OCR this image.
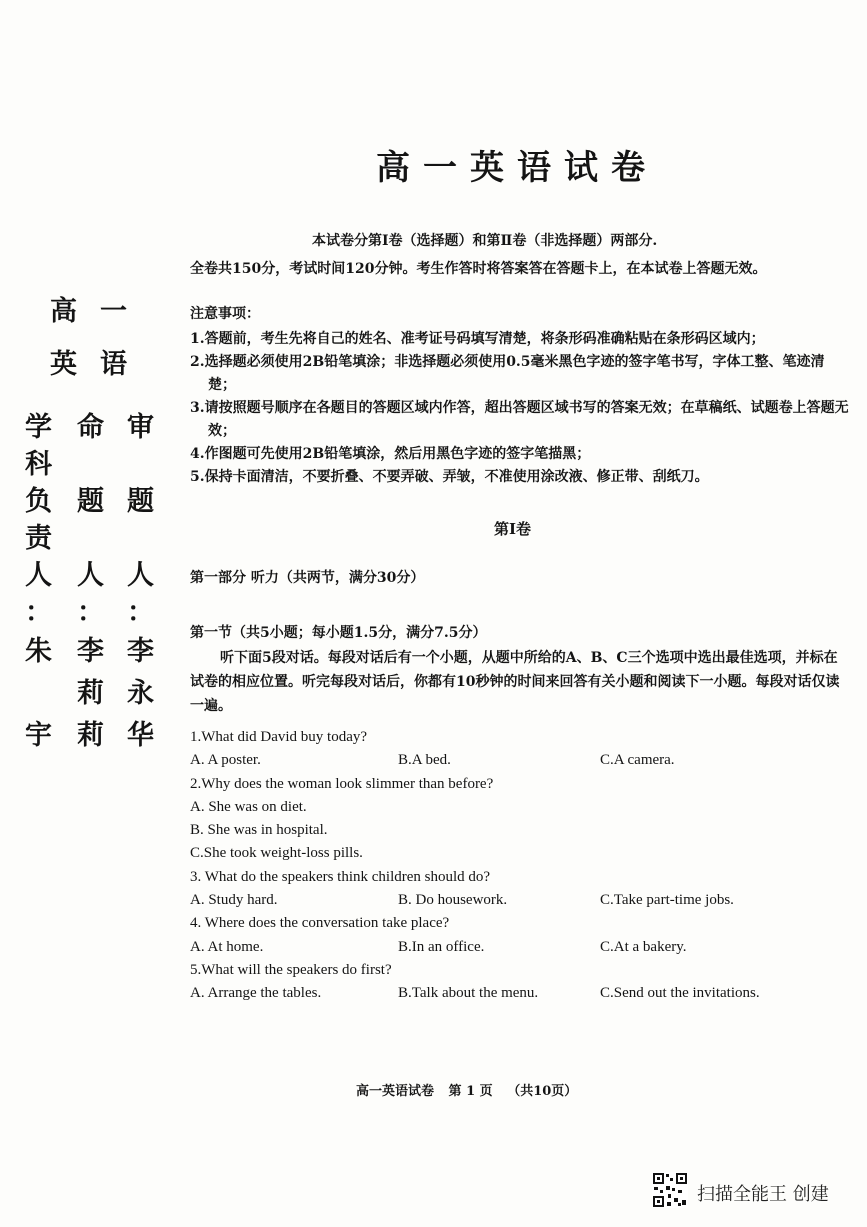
高一英语试卷
本试卷分第Ⅰ卷（选择题）和第Ⅱ卷（非选择题）两部分.
全卷共150分，考试时间120分钟。考生作答时将答案答在答题卡上，在本试卷上答题无效。
注意事项：
1.答题前，考生先将自己的姓名、准考证号码填写清楚，将条形码准确粘贴在条形码区域内；
2.选择题必须使用2B铅笔填涂；非选择题必须使用0.5毫米黑色字迹的签字笔书写，字体工整、笔迹清楚；
3.请按照题号顺序在各题目的答题区域内作答，超出答题区域书写的答案无效；在草稿纸、试题卷上答题无效；
4.作图题可先使用2B铅笔填涂，然后用黑色字迹的签字笔描黑；
5.保持卡面清洁，不要折叠、不要弄破、弄皱，不准使用涂改液、修正带、刮纸刀。
第Ⅰ卷
第一部分 听力（共两节，满分30分）
第一节（共5小题；每小题1.5分，满分7.5分）
听下面5段对话。每段对话后有一个小题，从题中所给的A、B、C三个选项中选出最佳选项，并标在试卷的相应位置。听完每段对话后，你都有10秒钟的时间来回答有关小题和阅读下一小题。每段对话仅读一遍。
1.What did David buy today?
A. A poster.	B.A bed.	C.A camera.
2.Why does the woman look slimmer than before?
A. She was on diet.
B. She was in hospital.
C.She took weight-loss pills.
3. What do the speakers think children should do?
A. Study hard.	B. Do housework.	C.Take part-time jobs.
4. Where does the conversation take place?
A. At home.	B.In an office.	C.At a bakery.
5.What will the speakers do first?
A. Arrange the tables.	B.Talk about the menu.	C.Send out the invitations.
高 一
英 语
学
科
负
责
人
：
朱
宇
命
题
人
：
李
莉
莉
审
题
人
：
李
永
华
高一英语试卷 第 1 页 （共10页）
扫描全能王 创建
